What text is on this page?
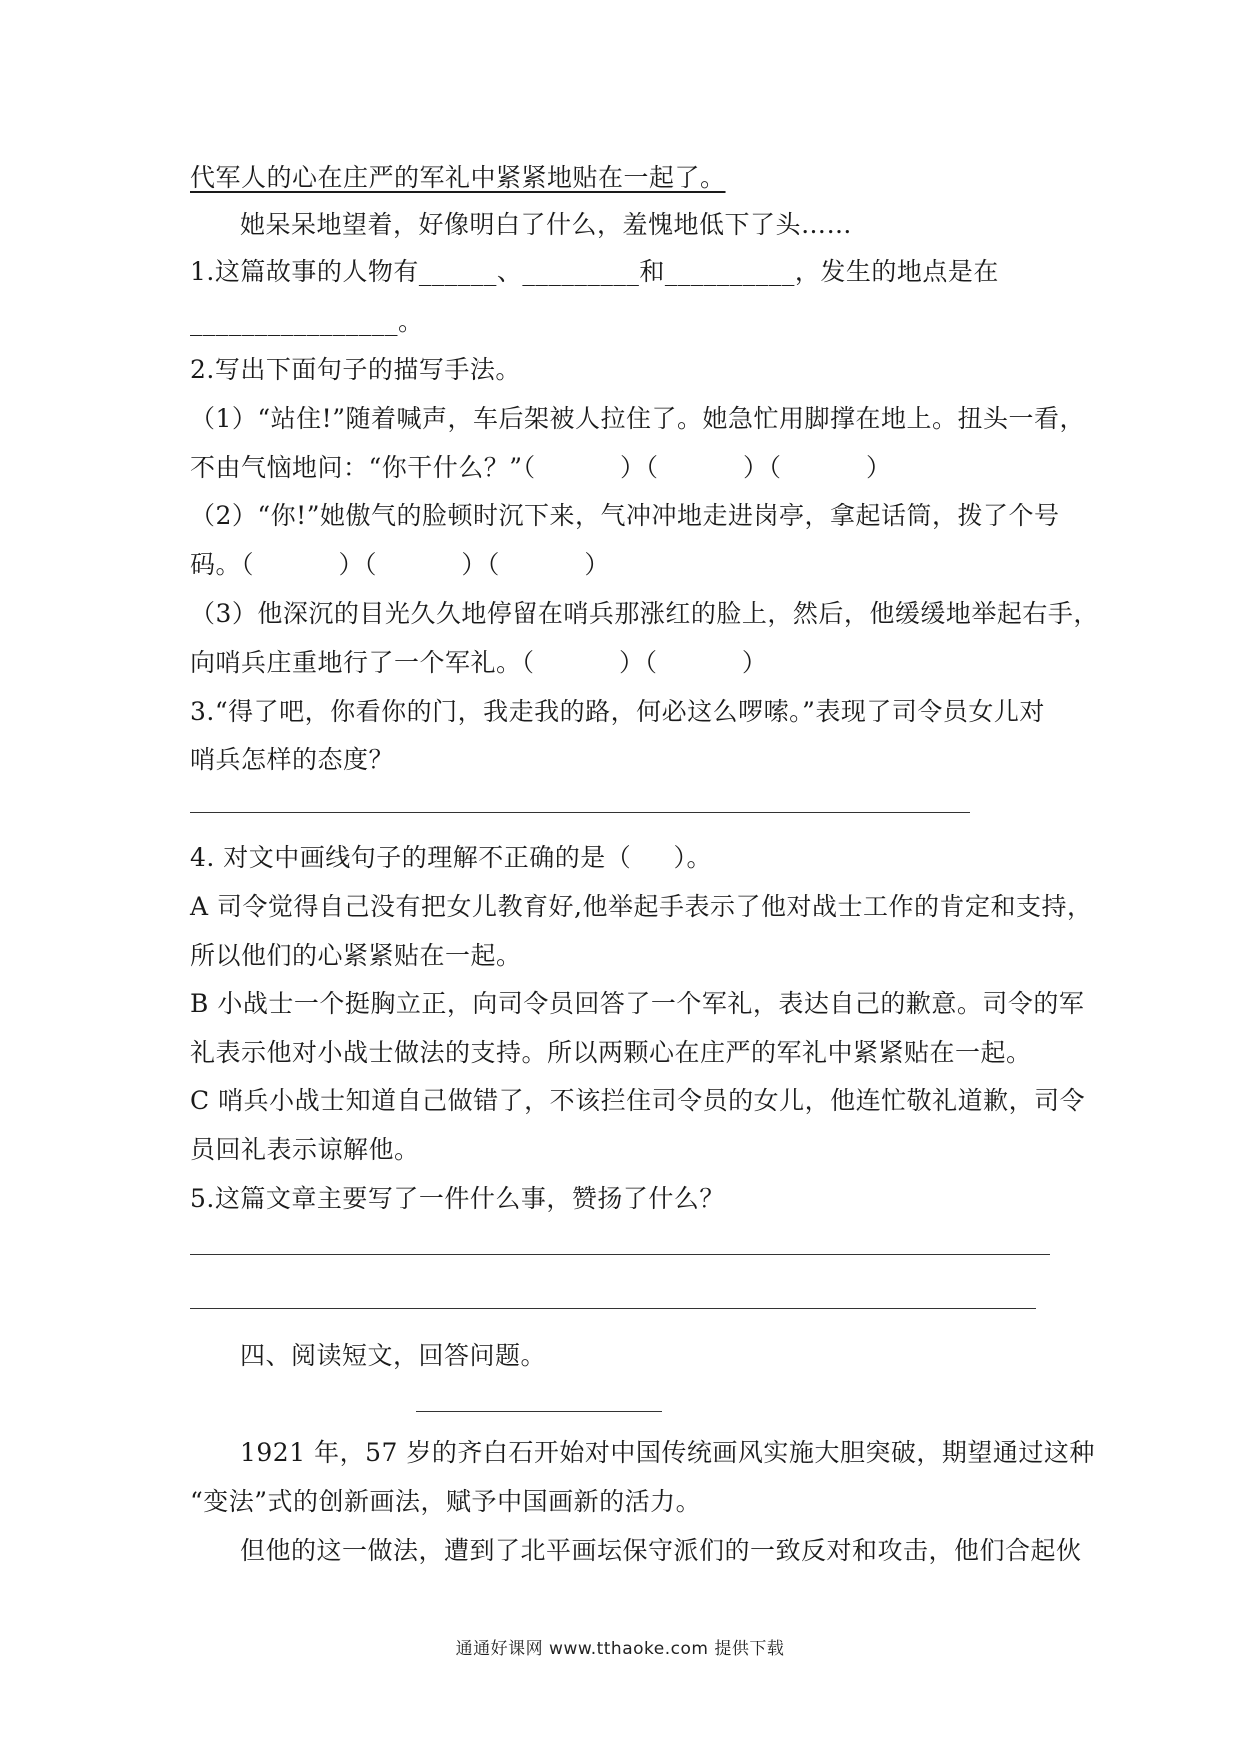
代军人的心在庄严的军礼中紧紧地贴在一起了。
她呆呆地望着，好像明白了什么，羞愧地低下了头……
1.这篇故事的人物有______、_________和__________，发生的地点是在
________________。
2.写出下面句子的描写手法。
（1）“站住!”随着喊声，车后架被人拉住了。她急忙用脚撑在地上。扭头一看，
不由气恼地问：“你干什么？”（          ）（          ）（          ）
（2）“你!”她傲气的脸顿时沉下来，气冲冲地走进岗亭，拿起话筒，拨了个号
码。（          ）（          ）（          ）
（3）他深沉的目光久久地停留在哨兵那涨红的脸上，然后，他缓缓地举起右手，
向哨兵庄重地行了一个军礼。（          ）（          ）
3.“得了吧，你看你的门，我走我的路，何必这么啰嗦。”表现了司令员女儿对
哨兵怎样的态度？
4. 对文中画线句子的理解不正确的是（     ）。
A 司令觉得自己没有把女儿教育好,他举起手表示了他对战士工作的肯定和支持，
所以他们的心紧紧贴在一起。
B 小战士一个挺胸立正，向司令员回答了一个军礼，表达自己的歉意。司令的军
礼表示他对小战士做法的支持。所以两颗心在庄严的军礼中紧紧贴在一起。
C 哨兵小战士知道自己做错了，不该拦住司令员的女儿，他连忙敬礼道歉，司令
员回礼表示谅解他。
5.这篇文章主要写了一件什么事，赞扬了什么？
四、阅读短文，回答问题。
1921 年，57 岁的齐白石开始对中国传统画风实施大胆突破，期望通过这种
“变法”式的创新画法，赋予中国画新的活力。
但他的这一做法，遭到了北平画坛保守派们的一致反对和攻击，他们合起伙
通通好课网 www.tthaoke.com 提供下载
